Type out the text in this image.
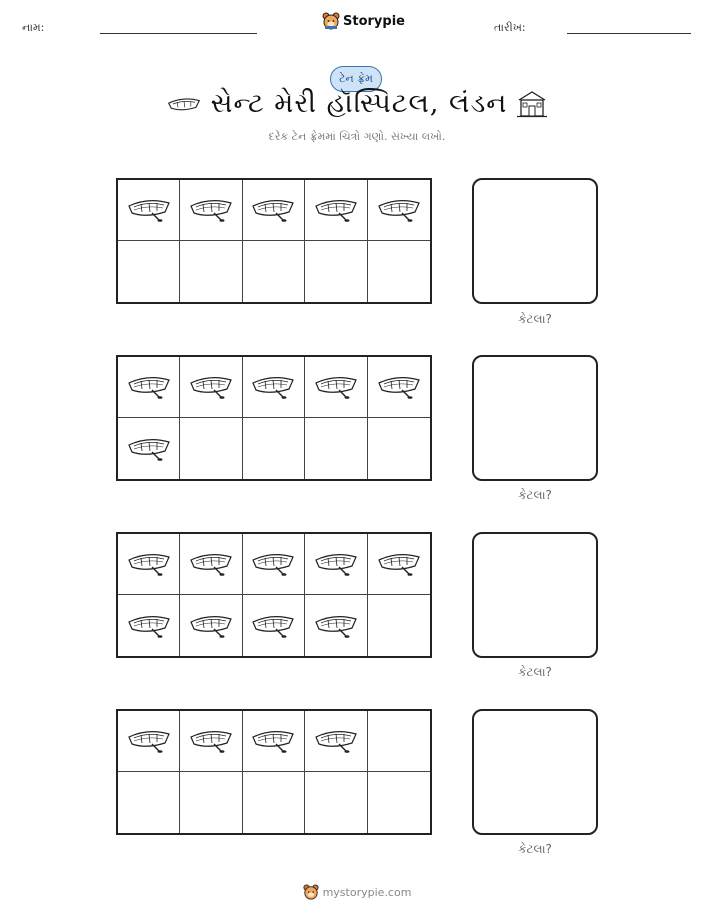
નામ:	Storypie	તારીખ:
ટેન ફ્રેમ
સેન્ટ મેરી હૉસ્પિટલ, લંડન
દરેક ટેન ફ્રેમમાં ચિત્રો ગણો. સંખ્યા લખો.
કેટલા?
કેટલા?
કેટલા?
કેટલા?
mystorypie.com
